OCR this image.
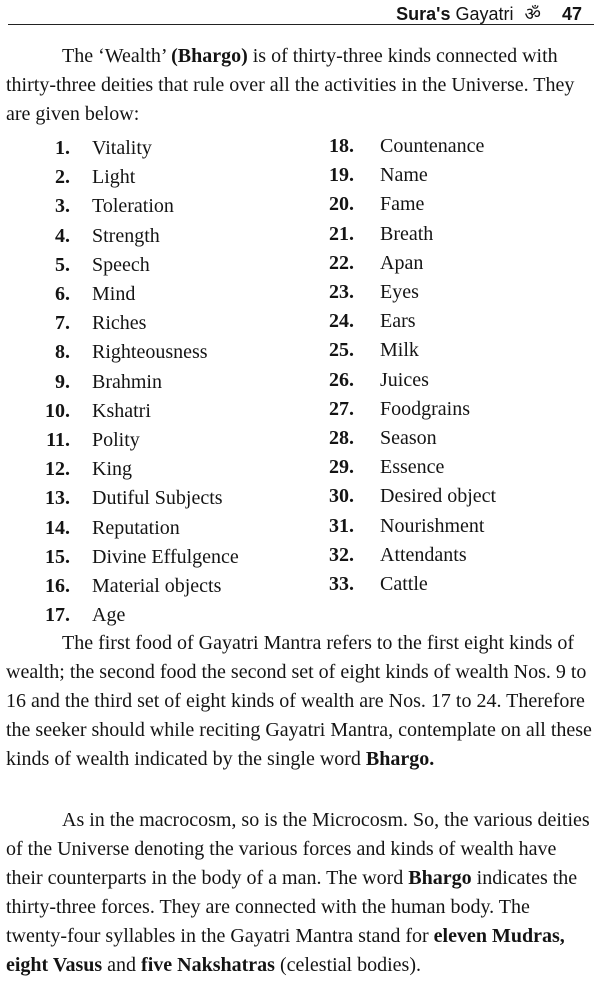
Sura's Gayatri ॐ 47

The ‘Wealth’ (Bhargo) is of thirty-three kinds connected with thirty-three deities that rule over all the activities in the Universe. They are given below:

1. Vitality
2. Light
3. Toleration
4. Strength
5. Speech
6. Mind
7. Riches
8. Righteousness
9. Brahmin
10. Kshatri
11. Polity
12. King
13. Dutiful Subjects
14. Reputation
15. Divine Effulgence
16. Material objects
17. Age
18. Countenance
19. Name
20. Fame
21. Breath
22. Apan
23. Eyes
24. Ears
25. Milk
26. Juices
27. Foodgrains
28. Season
29. Essence
30. Desired object
31. Nourishment
32. Attendants
33. Cattle

The first food of Gayatri Mantra refers to the first eight kinds of wealth; the second food the second set of eight kinds of wealth Nos. 9 to 16 and the third set of eight kinds of wealth are Nos. 17 to 24. Therefore the seeker should while reciting Gayatri Mantra, contemplate on all these kinds of wealth indicated by the single word Bhargo.

As in the macrocosm, so is the Microcosm. So, the various deities of the Universe denoting the various forces and kinds of wealth have their counterparts in the body of a man. The word Bhargo indicates the thirty-three forces. They are connected with the human body. The twenty-four syllables in the Gayatri Mantra stand for eleven Mudras, eight Vasus and five Nakshatras (celestial bodies).
